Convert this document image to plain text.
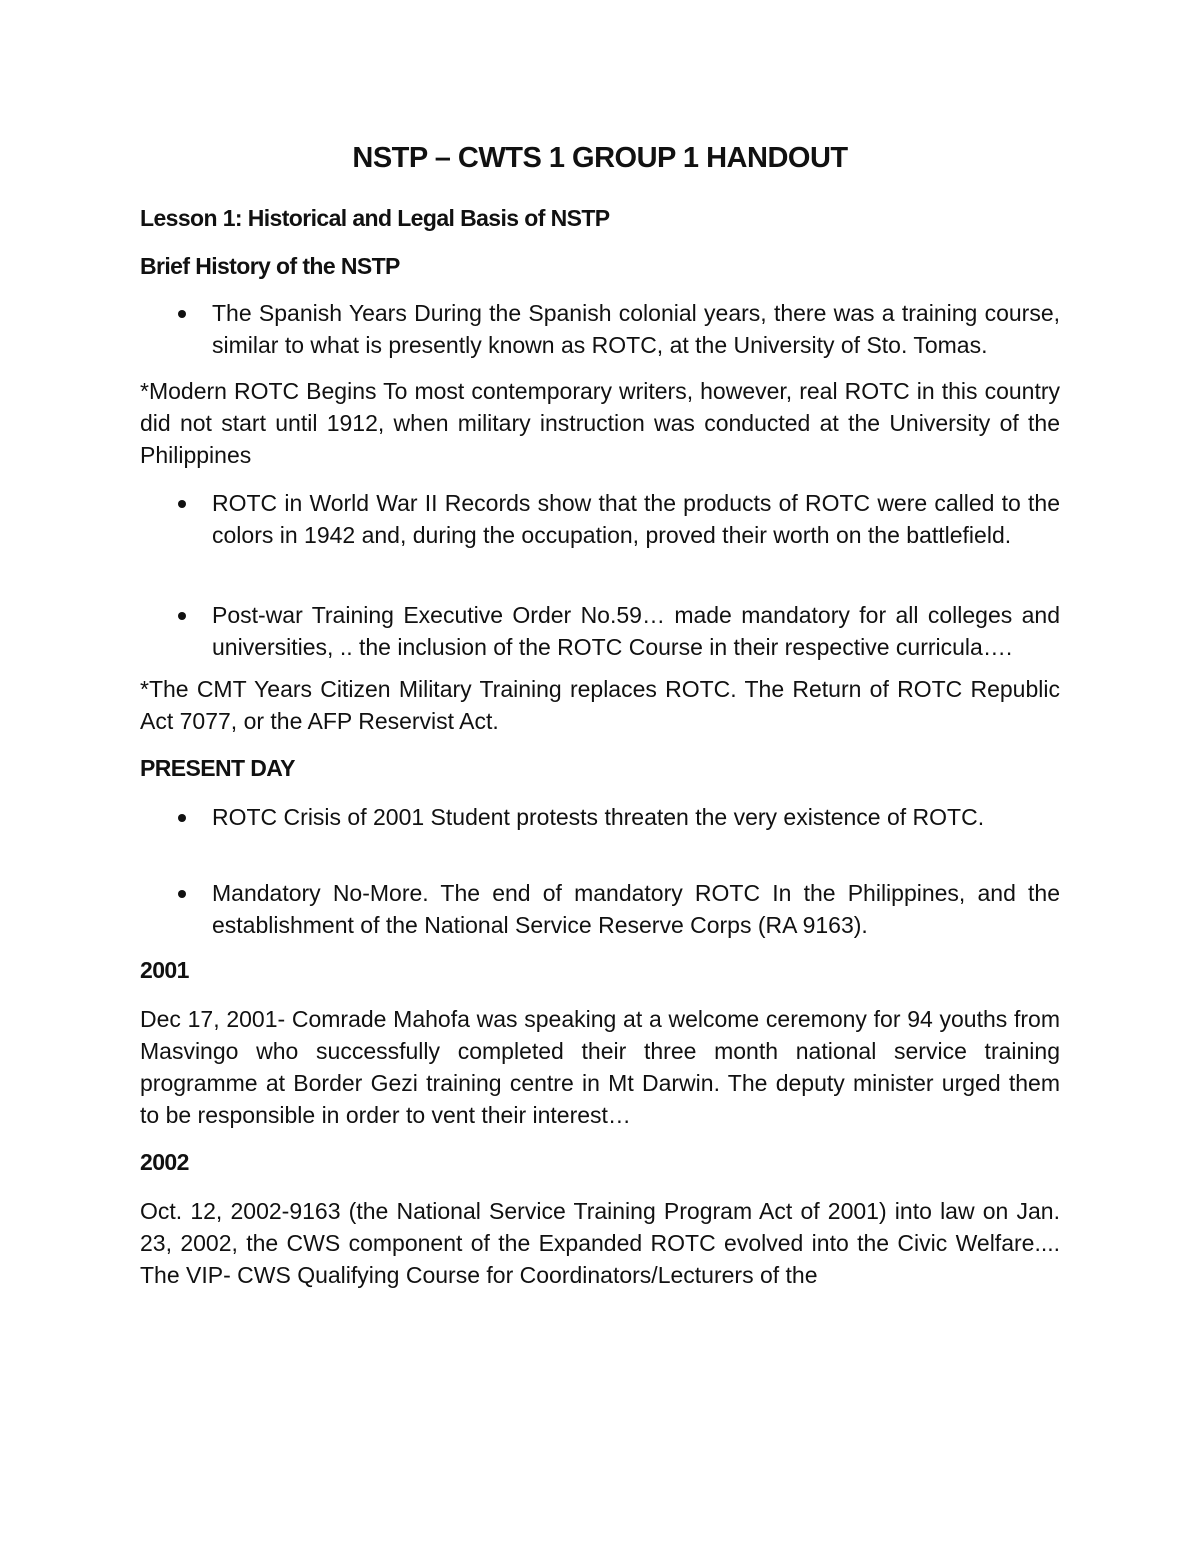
NSTP – CWTS 1 GROUP 1 HANDOUT
Lesson 1: Historical and Legal Basis of NSTP
Brief History of the NSTP
The Spanish Years During the Spanish colonial years, there was a training course, similar to what is presently known as ROTC, at the University of Sto. Tomas.

*Modern ROTC Begins To most contemporary writers, however, real ROTC in this country did not start until 1912, when military instruction was conducted at the University of the Philippines

ROTC in World War II Records show that the products of ROTC were called to the colors in 1942 and, during the occupation, proved their worth on the battlefield.
Post-war Training Executive Order No.59… made mandatory for all colleges and universities, .. the inclusion of the ROTC Course in their respective curricula….

*The CMT Years Citizen Military Training replaces ROTC. The Return of ROTC Republic Act 7077, or the AFP Reservist Act.

PRESENT DAY
ROTC Crisis of 2001 Student protests threaten the very existence of ROTC.
Mandatory No-More. The end of mandatory ROTC In the Philippines, and the establishment of the National Service Reserve Corps (RA 9163).
2001

Dec 17, 2001- Comrade Mahofa was speaking at a welcome ceremony for 94 youths from Masvingo who successfully completed their three month national service training programme at Border Gezi training centre in Mt Darwin. The deputy minister urged them to be responsible in order to vent their interest…

2002

Oct. 12, 2002-9163 (the National Service Training Program Act of 2001) into law on Jan. 23, 2002, the CWS component of the Expanded ROTC evolved into the Civic Welfare.... The VIP- CWS Qualifying Course for Coordinators/Lecturers of the
